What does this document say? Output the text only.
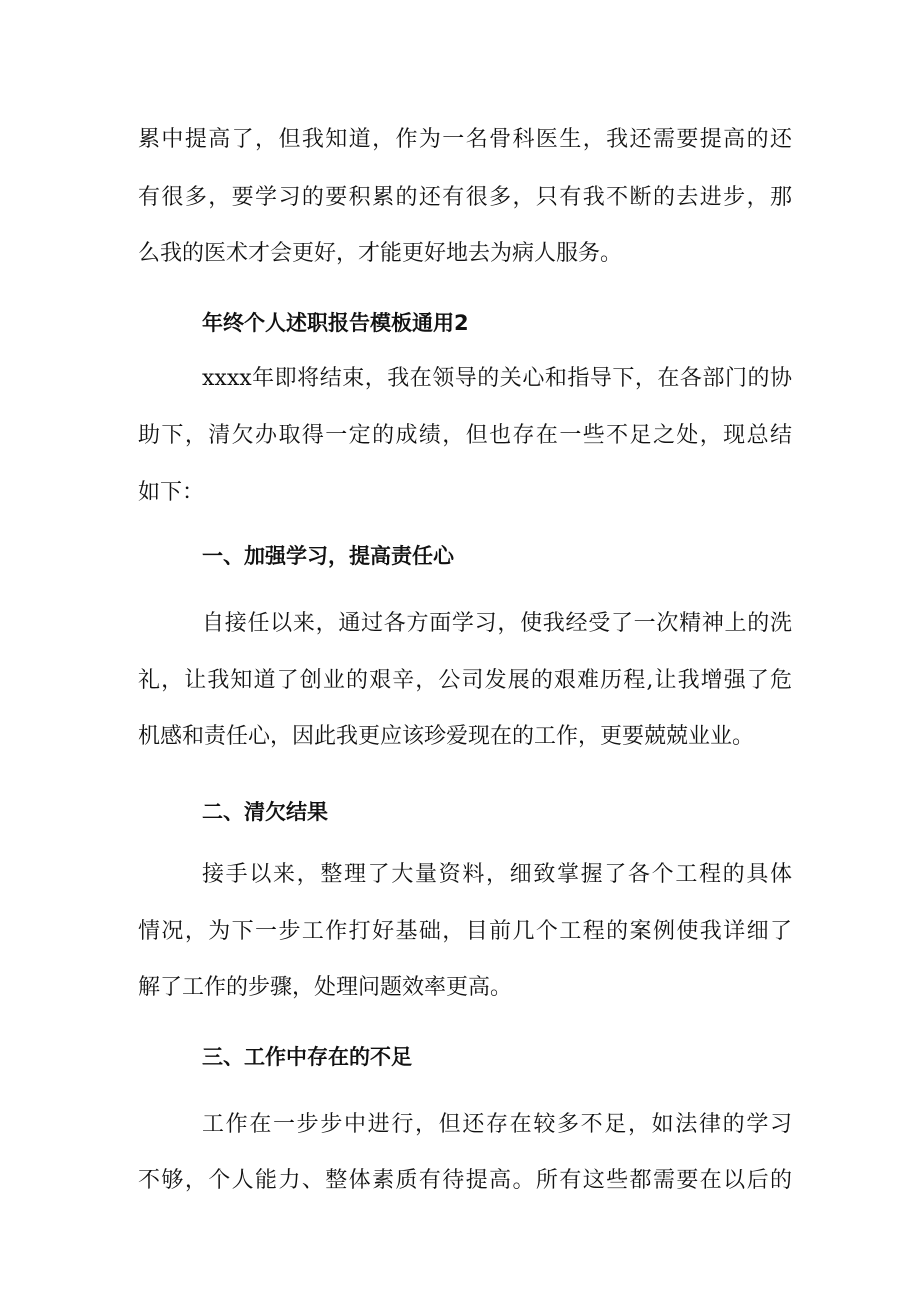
累中提高了，但我知道，作为一名骨科医生，我还需要提高的还
有很多，要学习的要积累的还有很多，只有我不断的去进步，那
么我的医术才会更好，才能更好地去为病人服务。
年终个人述职报告模板通用2
xxxx年即将结束，我在领导的关心和指导下，在各部门的协
助下，清欠办取得一定的成绩，但也存在一些不足之处，现总结
如下：
一、加强学习，提高责任心
自接任以来，通过各方面学习，使我经受了一次精神上的洗
礼，让我知道了创业的艰辛，公司发展的艰难历程,让我增强了危
机感和责任心，因此我更应该珍爱现在的工作，更要兢兢业业。
二、清欠结果
接手以来，整理了大量资料，细致掌握了各个工程的具体
情况，为下一步工作打好基础，目前几个工程的案例使我详细了
解了工作的步骤，处理问题效率更高。
三、工作中存在的不足
工作在一步步中进行，但还存在较多不足，如法律的学习
不够，个人能力、整体素质有待提高。所有这些都需要在以后的
